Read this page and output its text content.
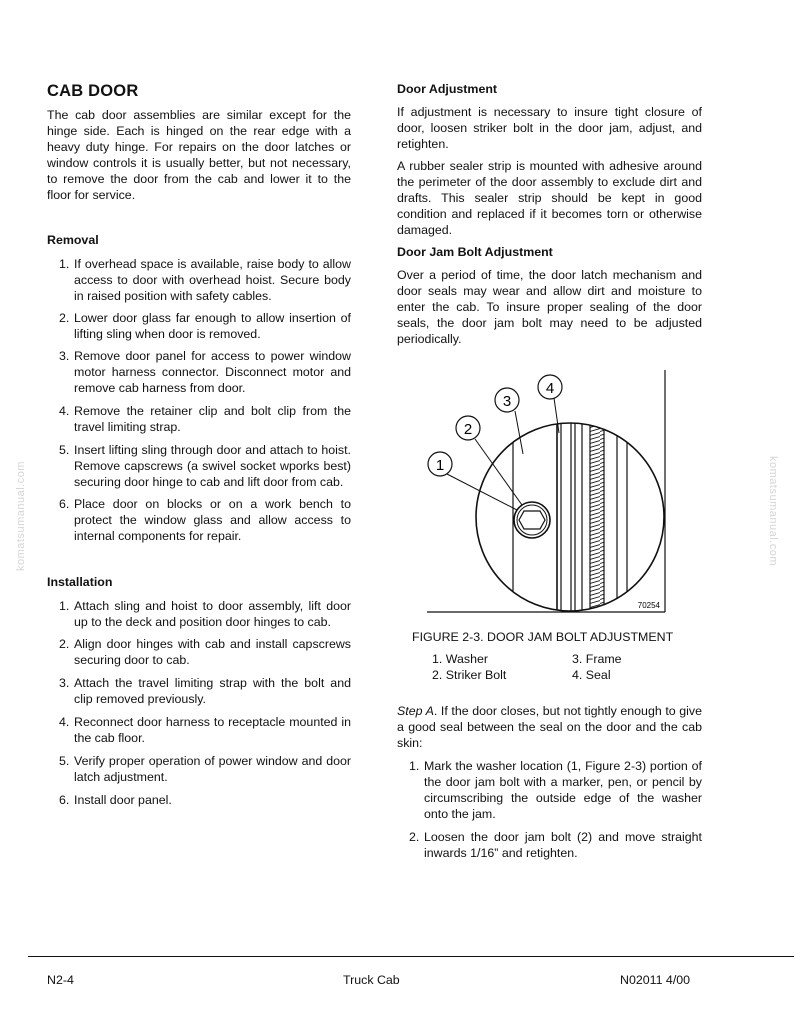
CAB DOOR

The cab door assemblies are similar except for the hinge side. Each is hinged on the rear edge with a heavy duty hinge. For repairs on the door latches or window controls it is usually better, but not necessary, to remove the door from the cab and lower it to the floor for service.

Removal
1. If overhead space is available, raise body to allow access to door with overhead hoist. Secure body in raised position with safety cables.
2. Lower door glass far enough to allow insertion of lifting sling when door is removed.
3. Remove door panel for access to power window motor harness connector. Disconnect motor and remove cab harness from door.
4. Remove the retainer clip and bolt clip from the travel limiting strap.
5. Insert lifting sling through door and attach to hoist. Remove capscrews (a swivel socket wporks best) securing door hinge to cab and lift door from cab.
6. Place door on blocks or on a work bench to protect the window glass and allow access to internal components for repair.
Installation
1. Attach sling and hoist to door assembly, lift door up to the deck and position door hinges to cab.
2. Align door hinges with cab and install capscrews securing door to cab.
3. Attach the travel limiting strap with the bolt and clip removed previously.
4. Reconnect door harness to receptacle mounted in the cab floor.
5. Verify proper operation of power window and door latch adjustment.
6. Install door panel.
Door Adjustment

If adjustment is necessary to insure tight closure of door, loosen striker bolt in the door jam, adjust, and retighten.

A rubber sealer strip is mounted with adhesive around the perimeter of the door assembly to exclude dirt and drafts. This sealer strip should be kept in good condition and replaced if it becomes torn or otherwise damaged.

Door Jam Bolt Adjustment

Over a period of time, the door latch mechanism and door seals may wear and allow dirt and moisture to enter the cab. To insure proper sealing of the door seals, the door jam bolt may need to be adjusted periodically.

1
2
3
4
70254
FIGURE 2-3. DOOR JAM BOLT ADJUSTMENT
1. Washer
2. Striker Bolt
3. Frame
4. Seal

Step A. If the door closes, but not tightly enough to give a good seal between the seal on the door and the cab skin:

1. Mark the washer location (1, Figure 2-3) portion of the door jam bolt with a marker, pen, or pencil by circumscribing the outside edge of the washer onto the jam.
2. Loosen the door jam bolt (2) and move straight inwards 1/16” and retighten.
komatsumanual.com	komatsumanual.com
N2-4	Truck Cab	N02011 4/00
